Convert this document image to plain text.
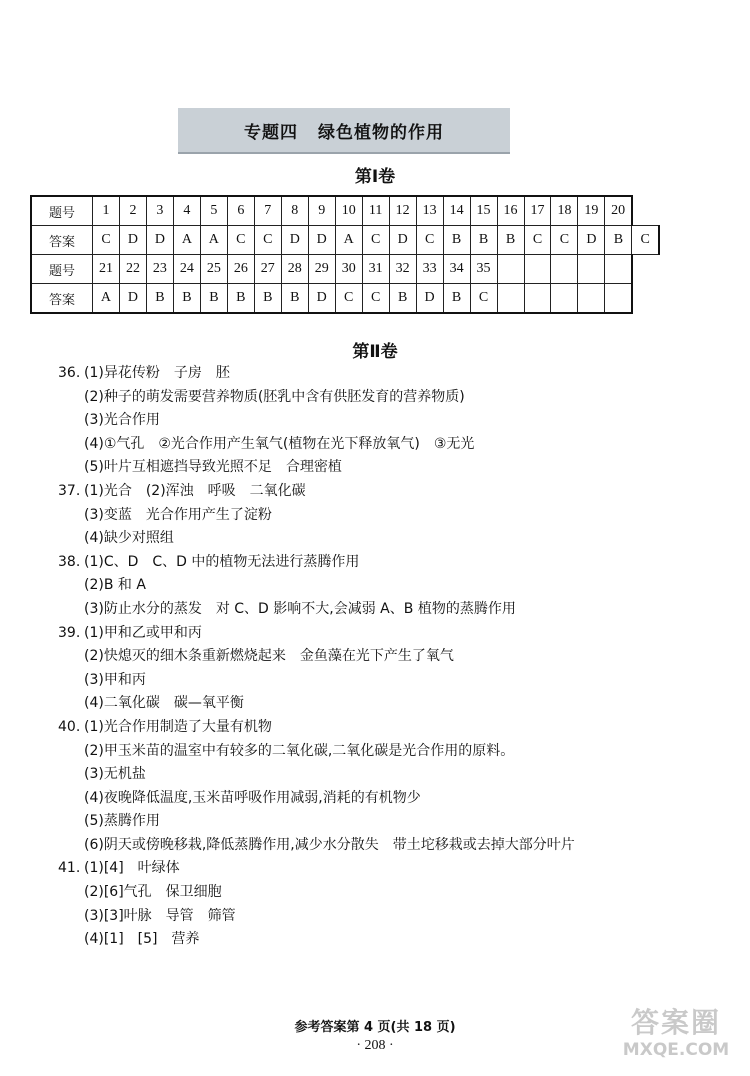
专题四 绿色植物的作用
第Ⅰ卷
题号	1	2	3	4	5	6	7	8	9	10	11	12	13	14	15	16	17	18	19	20	
答案	C	D	D	A	A	C	C	D	D	A	C	D	C	B	B	B	C	C	D	B	C
题号	21	22	23	24	25	26	27	28	29	30	31	32	33	34	35						
答案	A	D	B	B	B	B	B	B	D	C	C	B	D	B	C						
第Ⅱ卷
36. (1)异花传粉　子房　胚
(2)种子的萌发需要营养物质(胚乳中含有供胚发育的营养物质)
(3)光合作用
(4)①气孔　②光合作用产生氧气(植物在光下释放氧气)　③无光
(5)叶片互相遮挡导致光照不足　合理密植
37. (1)光合　(2)浑浊　呼吸　二氧化碳
(3)变蓝　光合作用产生了淀粉
(4)缺少对照组
38. (1)C、D　C、D 中的植物无法进行蒸腾作用
(2)B 和 A
(3)防止水分的蒸发　对 C、D 影响不大,会减弱 A、B 植物的蒸腾作用
39. (1)甲和乙或甲和丙
(2)快熄灭的细木条重新燃烧起来　金鱼藻在光下产生了氧气
(3)甲和丙
(4)二氧化碳　碳—氧平衡
40. (1)光合作用制造了大量有机物
(2)甲玉米苗的温室中有较多的二氧化碳,二氧化碳是光合作用的原料。
(3)无机盐
(4)夜晚降低温度,玉米苗呼吸作用减弱,消耗的有机物少
(5)蒸腾作用
(6)阴天或傍晚移栽,降低蒸腾作用,减少水分散失　带土坨移栽或去掉大部分叶片
41. (1)[4]　叶绿体
(2)[6]气孔　保卫细胞
(3)[3]叶脉　导管　筛管
(4)[1]　[5]　营养
参考答案第 4 页(共 18 页)
· 208 ·
答案圈
MXQE.COM
